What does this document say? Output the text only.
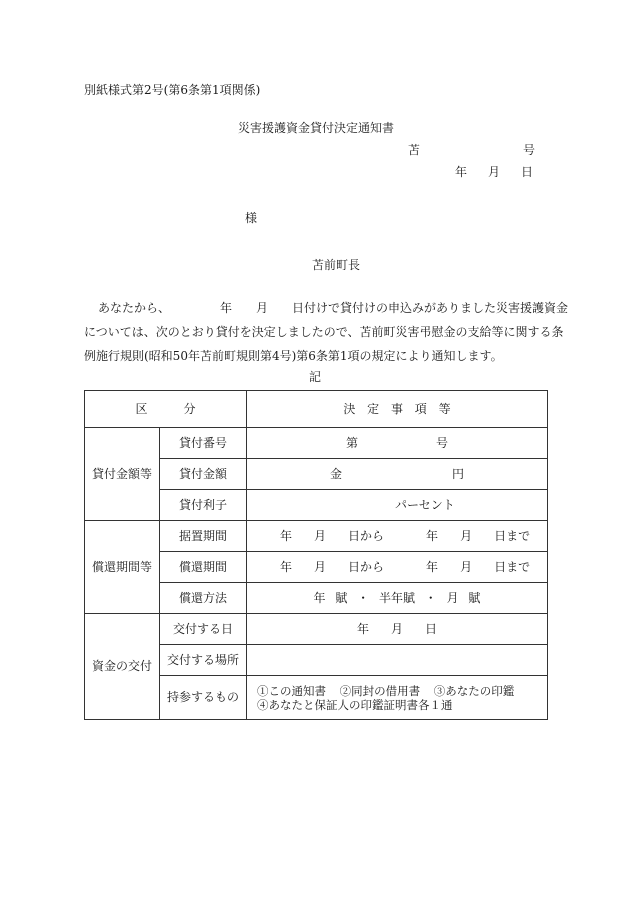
別紙様式第2号(第6条第1項関係)
災害援護資金貸付決定通知書
苫	号
年 月 日
様
苫前町長
あなたから、	年 月 日付けで貸付けの申込みがありました災害援護資金
については、次のとおり貸付を決定しましたので、苫前町災害弔慰金の支給等に関する条
例施行規則(昭和50年苫前町規則第4号)第6条第1項の規定により通知します。
記
区 分		決 定 事 項 等
貸付金額等	貸付番号	第 号
	貸付金額	金 円
	貸付利子	パーセント
償還期間等	据置期間	年 月 日から 年 月 日まで
	償還期間	年 月 日から 年 月 日まで
	償還方法	年 賦 ・ 半年賦 ・ 月 賦
資金の交付	交付する日	年 月 日
	交付する場所	
	持参するもの	①この通知書 ②同封の借用書 ③あなたの印鑑
④あなたと保証人の印鑑証明書各１通
